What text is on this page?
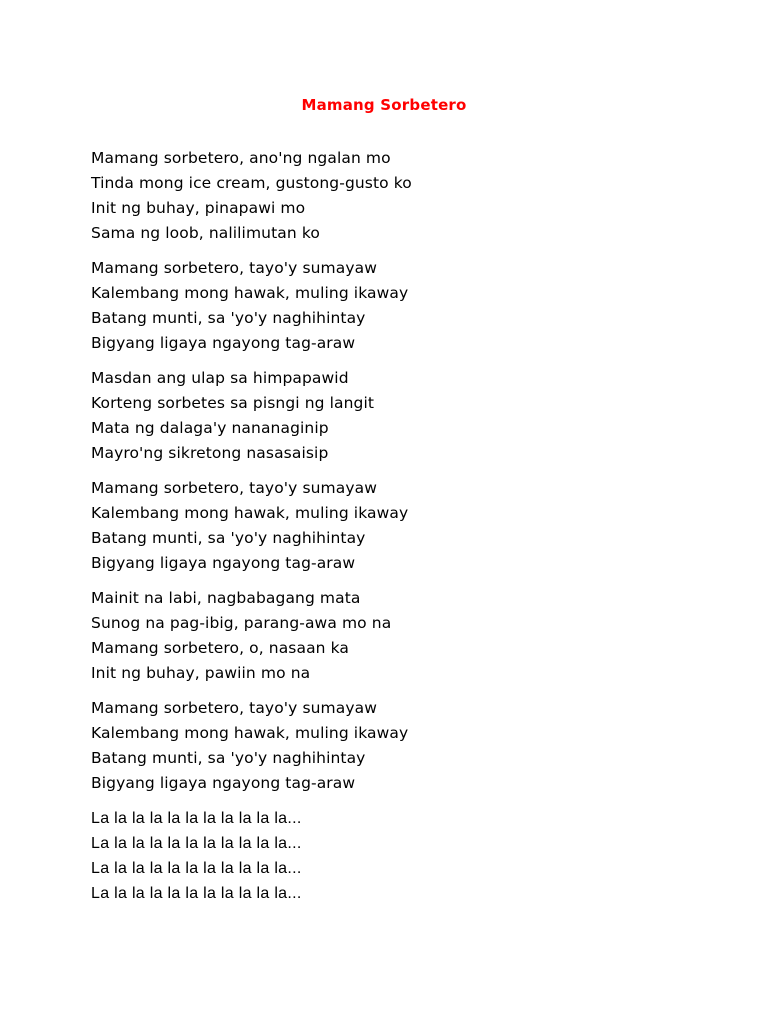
Mamang Sorbetero
Mamang sorbetero, ano'ng ngalan mo
Tinda mong ice cream, gustong-gusto ko
Init ng buhay, pinapawi mo
Sama ng loob, nalilimutan ko
Mamang sorbetero, tayo'y sumayaw
Kalembang mong hawak, muling ikaway
Batang munti, sa 'yo'y naghihintay
Bigyang ligaya ngayong tag-araw
Masdan ang ulap sa himpapawid
Korteng sorbetes sa pisngi ng langit
Mata ng dalaga'y nananaginip
Mayro'ng sikretong nasasaisip
Mamang sorbetero, tayo'y sumayaw
Kalembang mong hawak, muling ikaway
Batang munti, sa 'yo'y naghihintay
Bigyang ligaya ngayong tag-araw
Mainit na labi, nagbabagang mata
Sunog na pag-ibig, parang-awa mo na
Mamang sorbetero, o, nasaan ka
Init ng buhay, pawiin mo na
Mamang sorbetero, tayo'y sumayaw
Kalembang mong hawak, muling ikaway
Batang munti, sa 'yo'y naghihintay
Bigyang ligaya ngayong tag-araw
La la la la la la la la la la la...
La la la la la la la la la la la...
La la la la la la la la la la la...
La la la la la la la la la la la...
